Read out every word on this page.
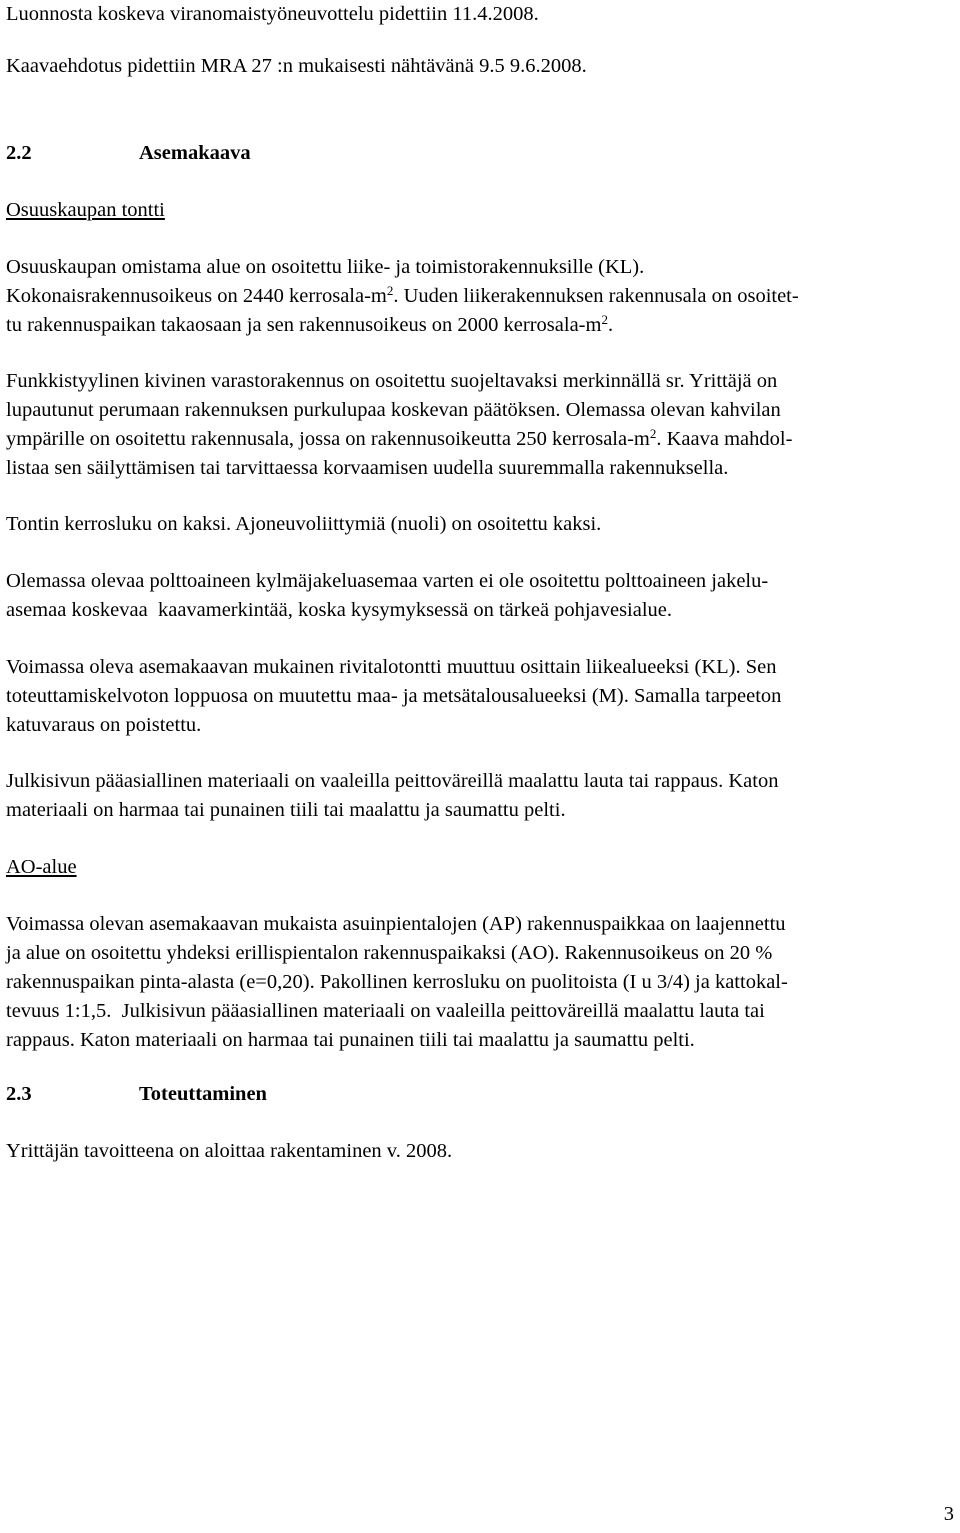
Luonnosta koskeva viranomaistyöneuvottelu pidettiin 11.4.2008.

Kaavaehdotus pidettiin MRA 27 :n mukaisesti nähtävänä 9.5 9.6.2008.

2.2	Asemakaava

Osuuskaupan tontti

Osuuskaupan omistama alue on osoitettu liike- ja toimistorakennuksille (KL).

Kokonaisrakennusoikeus on 2440 kerrosala-$m^2$. Uuden liikerakennuksen rakennusala on osoitet-

tu rakennuspaikan takaosaan ja sen rakennusoikeus on 2000 kerrosala-$m^2$.

Funkkistyylinen kivinen varastorakennus on osoitettu suojeltavaksi merkinnällä sr. Yrittäjä on

lupautunut perumaan rakennuksen purkulupaa koskevan päätöksen. Olemassa olevan kahvilan

ympärille on osoitettu rakennusala, jossa on rakennusoikeutta 250 kerrosala-$m^2$. Kaava mahdol-

listaa sen säilyttämisen tai tarvittaessa korvaamisen uudella suuremmalla rakennuksella.

Tontin kerrosluku on kaksi. Ajoneuvoliittymiä (nuoli) on osoitettu kaksi.

Olemassa olevaa polttoaineen kylmäjakeluasemaa varten ei ole osoitettu polttoaineen jakelu-

asemaa koskevaa  kaavamerkintää, koska kysymyksessä on tärkeä pohjavesialue.

Voimassa oleva asemakaavan mukainen rivitalotontti muuttuu osittain liikealueeksi (KL). Sen

toteuttamiskelvoton loppuosa on muutettu maa- ja metsätalousalueeksi (M). Samalla tarpeeton

katuvaraus on poistettu.

Julkisivun pääasiallinen materiaali on vaaleilla peittoväreillä maalattu lauta tai rappaus. Katon

materiaali on harmaa tai punainen tiili tai maalattu ja saumattu pelti.

AO-alue

Voimassa olevan asemakaavan mukaista asuinpientalojen (AP) rakennuspaikkaa on laajennettu

ja alue on osoitettu yhdeksi erillispientalon rakennuspaikaksi (AO). Rakennusoikeus on 20 %

rakennuspaikan pinta-alasta (e=0,20). Pakollinen kerrosluku on puolitoista (I u 3/4) ja kattokal-

tevuus 1:1,5.  Julkisivun pääasiallinen materiaali on vaaleilla peittoväreillä maalattu lauta tai

rappaus. Katon materiaali on harmaa tai punainen tiili tai maalattu ja saumattu pelti.

2.3	Toteuttaminen

Yrittäjän tavoitteena on aloittaa rakentaminen v. 2008.

3
